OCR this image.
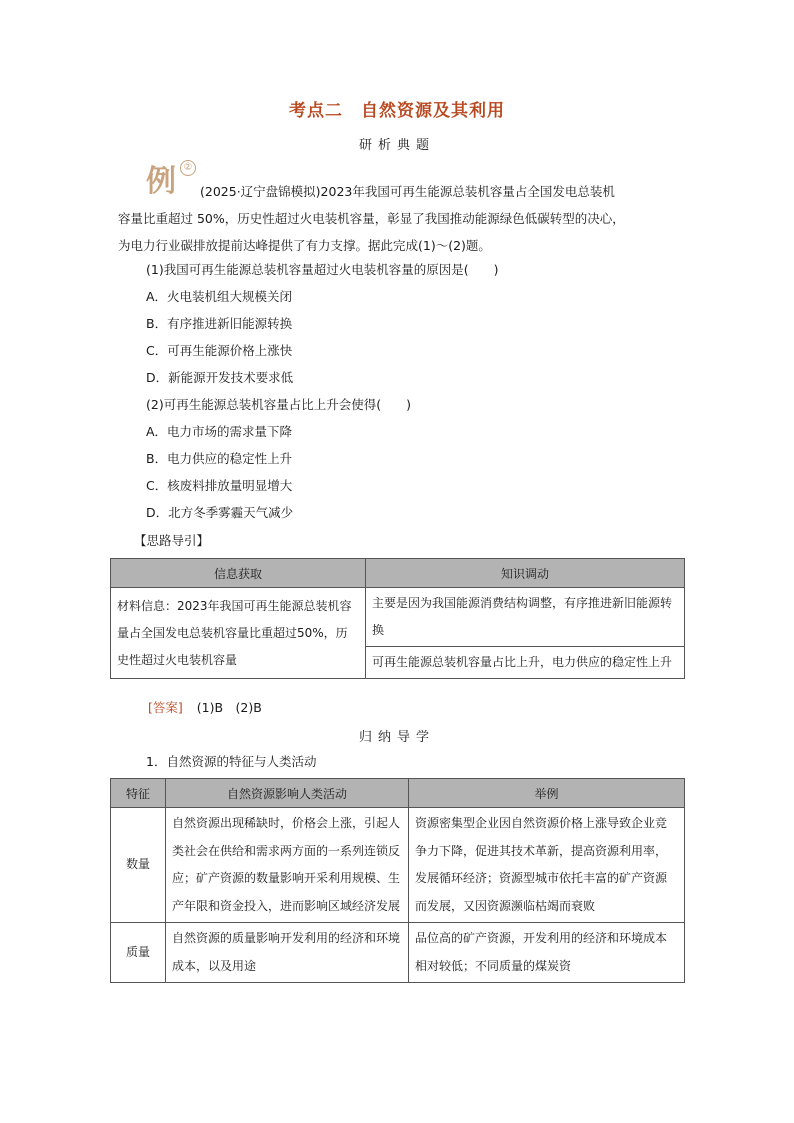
考点二　自然资源及其利用
研析典题
例 ②
(2025·辽宁盘锦模拟)2023年我国可再生能源总装机容量占全国发电总装机
容量比重超过 50%，历史性超过火电装机容量，彰显了我国推动能源绿色低碳转型的决心，
为电力行业碳排放提前达峰提供了有力支撑。据此完成(1)～(2)题。
(1)我国可再生能源总装机容量超过火电装机容量的原因是(　　)
A．火电装机组大规模关闭
B．有序推进新旧能源转换
C．可再生能源价格上涨快
D．新能源开发技术要求低
(2)可再生能源总装机容量占比上升会使得(　　)
A．电力市场的需求量下降
B．电力供应的稳定性上升
C．核废料排放量明显增大
D．北方冬季雾霾天气减少
【思路导引】
信息获取	知识调动
材料信息：2023年我国可再生能源总装机容量占全国发电总装机容量比重超过50%，历史性超过火电装机容量	主要是因为我国能源消费结构调整，有序推进新旧能源转换
	可再生能源总装机容量占比上升，电力供应的稳定性上升
[答案] (1)B　(2)B
归纳导学
1．自然资源的特征与人类活动
特征	自然资源影响人类活动	举例
数量	自然资源出现稀缺时，价格会上涨，引起人类社会在供给和需求两方面的一系列连锁反应；矿产资源的数量影响开采利用规模、生产年限和资金投入，进而影响区域经济发展	资源密集型企业因自然资源价格上涨导致企业竞争力下降，促进其技术革新，提高资源利用率，发展循环经济；资源型城市依托丰富的矿产资源而发展，又因资源濒临枯竭而衰败
质量	自然资源的质量影响开发利用的经济和环境成本，以及用途	品位高的矿产资源，开发利用的经济和环境成本相对较低；不同质量的煤炭资
